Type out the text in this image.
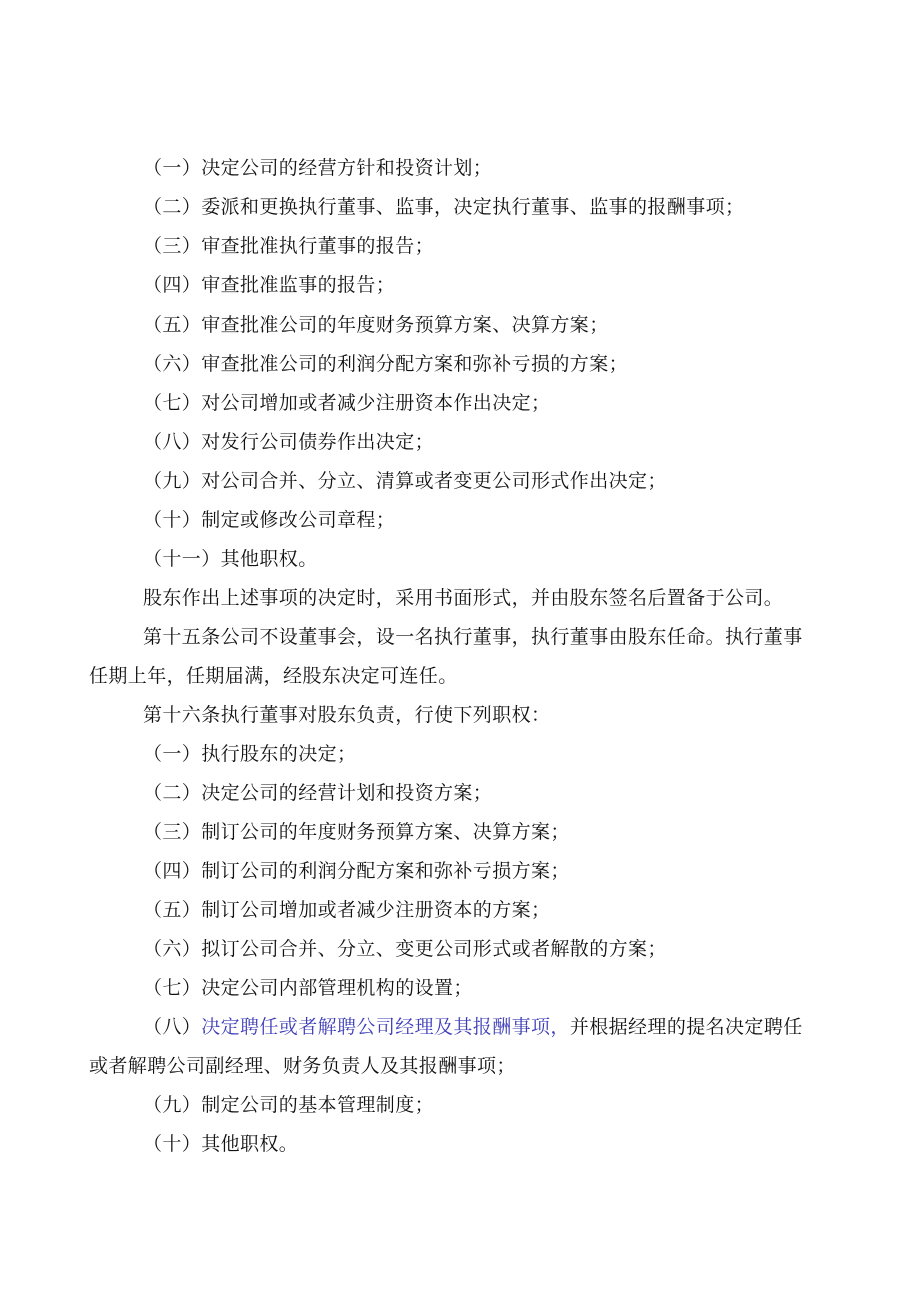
（一）决定公司的经营方针和投资计划；
（二）委派和更换执行董事、监事，决定执行董事、监事的报酬事项；
（三）审查批准执行董事的报告；
（四）审查批准监事的报告；
（五）审查批准公司的年度财务预算方案、决算方案；
（六）审查批准公司的利润分配方案和弥补亏损的方案；
（七）对公司增加或者减少注册资本作出决定；
（八）对发行公司债券作出决定；
（九）对公司合并、分立、清算或者变更公司形式作出决定；
（十）制定或修改公司章程；
（十一）其他职权。
股东作出上述事项的决定时，采用书面形式，并由股东签名后置备于公司。
第十五条公司不设董事会，设一名执行董事，执行董事由股东任命。执行董事
任期上年，任期届满，经股东决定可连任。
第十六条执行董事对股东负责，行使下列职权：
（一）执行股东的决定；
（二）决定公司的经营计划和投资方案；
（三）制订公司的年度财务预算方案、决算方案；
（四）制订公司的利润分配方案和弥补亏损方案；
（五）制订公司增加或者减少注册资本的方案；
（六）拟订公司合并、分立、变更公司形式或者解散的方案；
（七）决定公司内部管理机构的设置；
（八）决定聘任或者解聘公司经理及其报酬事项，并根据经理的提名决定聘任
或者解聘公司副经理、财务负责人及其报酬事项；
（九）制定公司的基本管理制度；
（十）其他职权。
